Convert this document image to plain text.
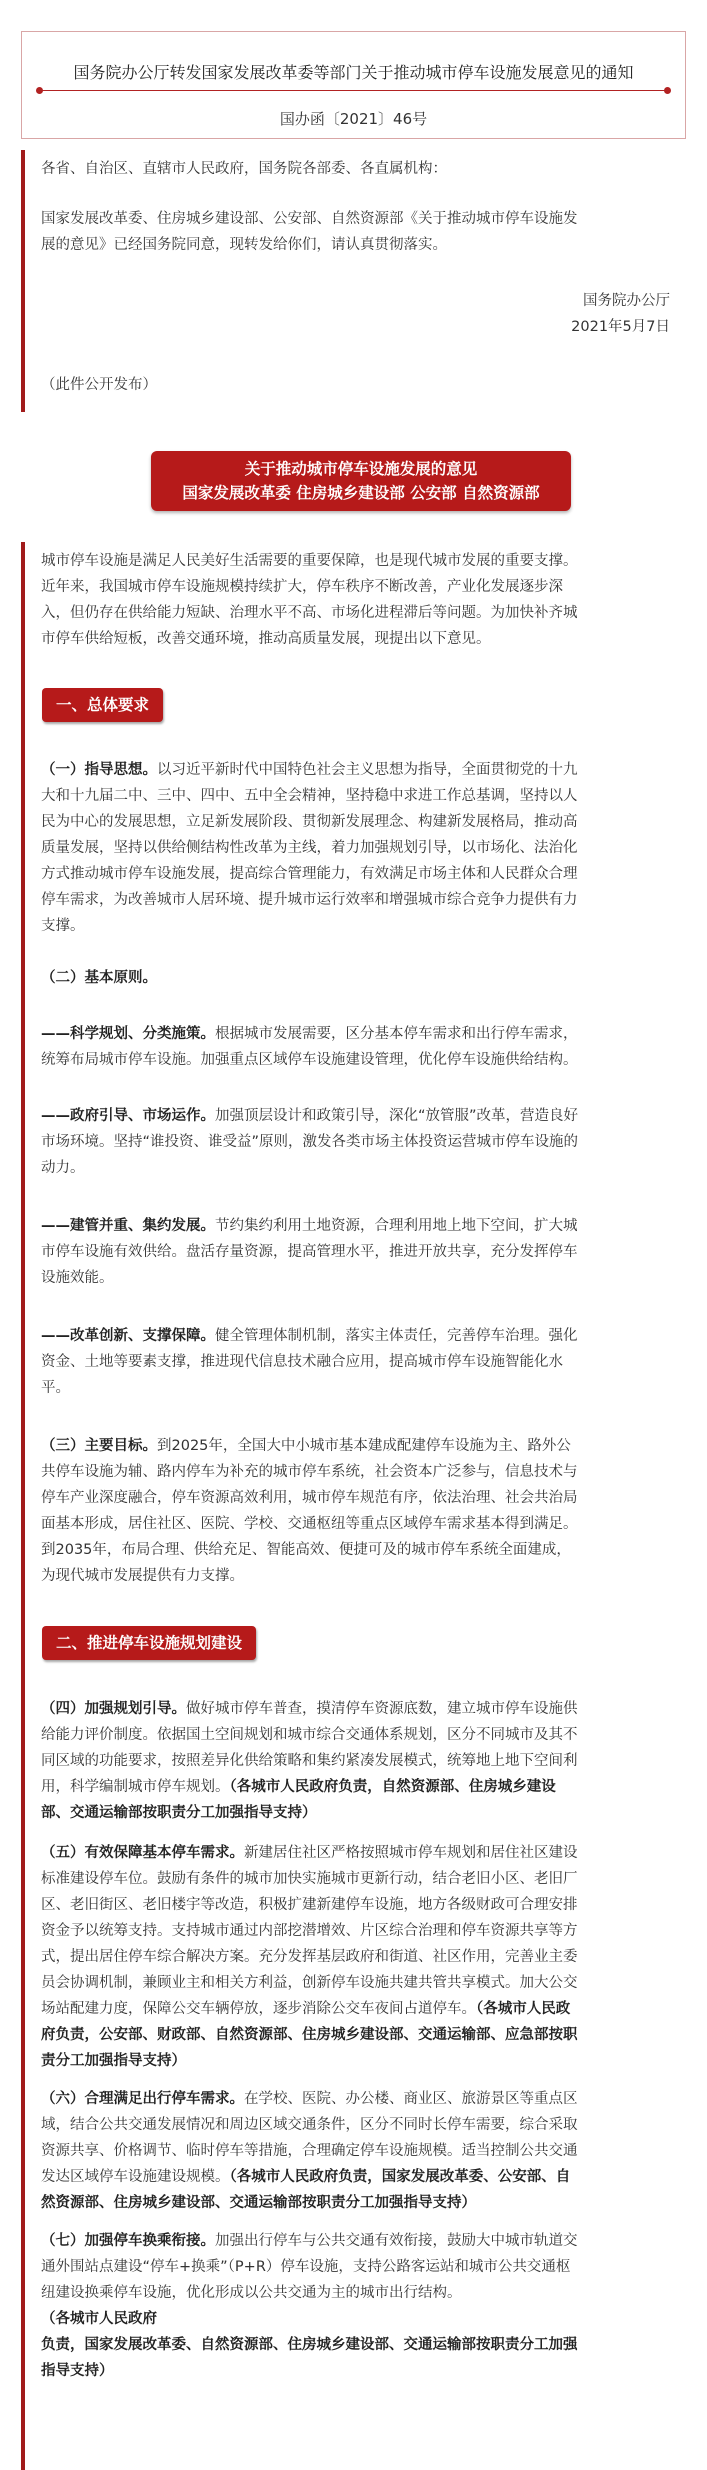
国务院办公厅转发国家发展改革委等部门关于推动城市停车设施发展意见的通知
国办函〔2021〕46号
各省、自治区、直辖市人民政府，国务院各部委、各直属机构：
国家发展改革委、住房城乡建设部、公安部、自然资源部《关于推动城市停车设施发
展的意见》已经国务院同意，现转发给你们，请认真贯彻落实。
国务院办公厅
2021年5月7日
（此件公开发布）
关于推动城市停车设施发展的意见
国家发展改革委 住房城乡建设部 公安部 自然资源部
城市停车设施是满足人民美好生活需要的重要保障，也是现代城市发展的重要支撑。
近年来，我国城市停车设施规模持续扩大，停车秩序不断改善，产业化发展逐步深
入，但仍存在供给能力短缺、治理水平不高、市场化进程滞后等问题。为加快补齐城
市停车供给短板，改善交通环境，推动高质量发展，现提出以下意见。
一、总体要求
（一）指导思想。以习近平新时代中国特色社会主义思想为指导，全面贯彻党的十九
大和十九届二中、三中、四中、五中全会精神，坚持稳中求进工作总基调，坚持以人
民为中心的发展思想，立足新发展阶段、贯彻新发展理念、构建新发展格局，推动高
质量发展，坚持以供给侧结构性改革为主线，着力加强规划引导，以市场化、法治化
方式推动城市停车设施发展，提高综合管理能力，有效满足市场主体和人民群众合理
停车需求，为改善城市人居环境、提升城市运行效率和增强城市综合竞争力提供有力
支撑。
（二）基本原则。
——科学规划、分类施策。根据城市发展需要，区分基本停车需求和出行停车需求，
统筹布局城市停车设施。加强重点区域停车设施建设管理，优化停车设施供给结构。
——政府引导、市场运作。加强顶层设计和政策引导，深化“放管服”改革，营造良好
市场环境。坚持“谁投资、谁受益”原则，激发各类市场主体投资运营城市停车设施的
动力。
——建管并重、集约发展。节约集约利用土地资源，合理利用地上地下空间，扩大城
市停车设施有效供给。盘活存量资源，提高管理水平，推进开放共享，充分发挥停车
设施效能。
——改革创新、支撑保障。健全管理体制机制，落实主体责任，完善停车治理。强化
资金、土地等要素支撑，推进现代信息技术融合应用，提高城市停车设施智能化水
平。
（三）主要目标。到2025年，全国大中小城市基本建成配建停车设施为主、路外公
共停车设施为辅、路内停车为补充的城市停车系统，社会资本广泛参与，信息技术与
停车产业深度融合，停车资源高效利用，城市停车规范有序，依法治理、社会共治局
面基本形成，居住社区、医院、学校、交通枢纽等重点区域停车需求基本得到满足。
到2035年，布局合理、供给充足、智能高效、便捷可及的城市停车系统全面建成，
为现代城市发展提供有力支撑。
二、推进停车设施规划建设
（四）加强规划引导。做好城市停车普查，摸清停车资源底数，建立城市停车设施供
给能力评价制度。依据国土空间规划和城市综合交通体系规划，区分不同城市及其不
同区域的功能要求，按照差异化供给策略和集约紧凑发展模式，统筹地上地下空间利
用，科学编制城市停车规划。（各城市人民政府负责，自然资源部、住房城乡建设
部、交通运输部按职责分工加强指导支持）
（五）有效保障基本停车需求。新建居住社区严格按照城市停车规划和居住社区建设
标准建设停车位。鼓励有条件的城市加快实施城市更新行动，结合老旧小区、老旧厂
区、老旧街区、老旧楼宇等改造，积极扩建新建停车设施，地方各级财政可合理安排
资金予以统筹支持。支持城市通过内部挖潜增效、片区综合治理和停车资源共享等方
式，提出居住停车综合解决方案。充分发挥基层政府和街道、社区作用，完善业主委
员会协调机制，兼顾业主和相关方利益，创新停车设施共建共管共享模式。加大公交
场站配建力度，保障公交车辆停放，逐步消除公交车夜间占道停车。（各城市人民政
府负责，公安部、财政部、自然资源部、住房城乡建设部、交通运输部、应急部按职
责分工加强指导支持）
（六）合理满足出行停车需求。在学校、医院、办公楼、商业区、旅游景区等重点区
域，结合公共交通发展情况和周边区域交通条件，区分不同时长停车需要，综合采取
资源共享、价格调节、临时停车等措施，合理确定停车设施规模。适当控制公共交通
发达区域停车设施建设规模。（各城市人民政府负责，国家发展改革委、公安部、自
然资源部、住房城乡建设部、交通运输部按职责分工加强指导支持）
（七）加强停车换乘衔接。加强出行停车与公共交通有效衔接，鼓励大中城市轨道交
通外围站点建设“停车+换乘”（P+R）停车设施，支持公路客运站和城市公共交通枢
纽建设换乘停车设施，优化形成以公共交通为主的城市出行结构。
（各城市人民政府
负责，国家发展改革委、自然资源部、住房城乡建设部、交通运输部按职责分工加强
指导支持）
